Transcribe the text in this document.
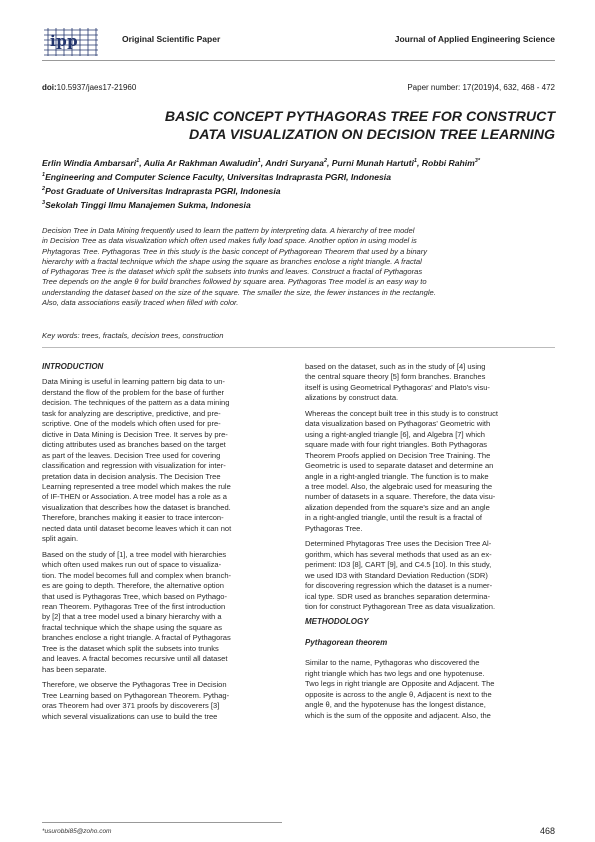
ipp	Original Scientific Paper	Journal of Applied Engineering Science
doi:10.5937/jaes17-21960	Paper number: 17(2019)4, 632, 468 - 472
BASIC CONCEPT PYTHAGORAS TREE FOR CONSTRUCT
DATA VISUALIZATION ON DECISION TREE LEARNING
Erlin Windia Ambarsari$^1$, Aulia Ar Rakhman Awaludin$^1$, Andri Suryana$^2$, Purni Munah Hartuti$^1$, Robbi Rahim$^{3*}$
$^1$Engineering and Computer Science Faculty, Universitas Indraprasta PGRI, Indonesia
$^2$Post Graduate of Universitas Indraprasta PGRI, Indonesia
$^3$Sekolah Tinggi Ilmu Manajemen Sukma, Indonesia
Decision Tree in Data Mining frequently used to learn the pattern by interpreting data. A hierarchy of tree model
in Decision Tree as data visualization which often used makes fully load space. Another option in using model is
Phytagoras Tree. Pythagoras Tree in this study is the basic concept of Pythagorean Theorem that used by a binary
hierarchy with a fractal technique which the shape using the square as branches enclose a right triangle. A fractal
of Pythagoras Tree is the dataset which split the subsets into trunks and leaves. Construct a fractal of Pythagoras
Tree depends on the angle θ for build branches followed by square area. Pythagoras Tree model is an easy way to
understanding the dataset based on the size of the square. The smaller the size, the fewer instances in the rectangle.
Also, data associations easily traced when filled with color.
Key words: trees, fractals, decision trees, construction
INTRODUCTION
Data Mining is useful in learning pattern big data to un-
derstand the flow of the problem for the base of further
decision. The techniques of the pattern as a data mining
task for analyzing are descriptive, predictive, and pre-
scriptive. One of the models which often used for pre-
dictive in Data Mining is Decision Tree. It serves by pre-
dicting attributes used as branches based on the target
as part of the leaves. Decision Tree used for covering
classification and regression with visualization for inter-
pretation data in decision analysis. The Decision Tree
Learning represented a tree model which makes the rule
of IF-THEN or Association. A tree model has a role as a
visualization that describes how the dataset is branched.
Therefore, branches making it easier to trace intercon-
nected data until dataset become leaves which it can not
split again.
Based on the study of [1], a tree model with hierarchies
which often used makes run out of space to visualiza-
tion. The model becomes full and complex when branch-
es are going to depth. Therefore, the alternative option
that used is Pythagoras Tree, which based on Pythago-
rean Theorem. Pythagoras Tree of the first introduction
by [2] that a tree model used a binary hierarchy with a
fractal technique which the shape using the square as
branches enclose a right triangle. A fractal of Pythagoras
Tree is the dataset which split the subsets into trunks
and leaves. A fractal becomes recursive until all dataset
has been separate.
Therefore, we observe the Pythagoras Tree in Decision
Tree Learning based on Pythagorean Theorem. Pythag-
oras Theorem had over 371 proofs by discoverers [3]
which several visualizations can use to build the tree
based on the dataset, such as in the study of [4] using
the central square theory [5] form branches. Branches
itself is using Geometrical Pythagoras' and Plato's visu-
alizations by construct data.
Whereas the concept built tree in this study is to construct
data visualization based on Pythagoras' Geometric with
using a right-angled triangle [6], and Algebra [7] which
square made with four right triangles. Both Pythagoras
Theorem Proofs applied on Decision Tree Training. The
Geometric is used to separate dataset and determine an
angle in a right-angled triangle. The function is to make
a tree model. Also, the algebraic used for measuring the
number of datasets in a square. Therefore, the data visu-
alization depended from the square's size and an angle
in a right-angled triangle, until the result is a fractal of
Pythagoras Tree.
Determined Phytagoras Tree uses the Decision Tree Al-
gorithm, which has several methods that used as an ex-
periment: ID3 [8], CART [9], and C4.5 [10]. In this study,
we used ID3 with Standard Deviation Reduction (SDR)
for discovering regression which the dataset is a numer-
ical type. SDR used as branches separation determina-
tion for construct Pythagorean Tree as data visualization.
METHODOLOGY
Pythagorean theorem
Similar to the name, Pythagoras who discovered the
right triangle which has two legs and one hypotenuse.
Two legs in right triangle are Opposite and Adjacent. The
opposite is across to the angle θ, Adjacent is next to the
angle θ, and the hypotenuse has the longest distance,
which is the sum of the opposite and adjacent. Also, the
*usurobbi85@zoho.com	468
